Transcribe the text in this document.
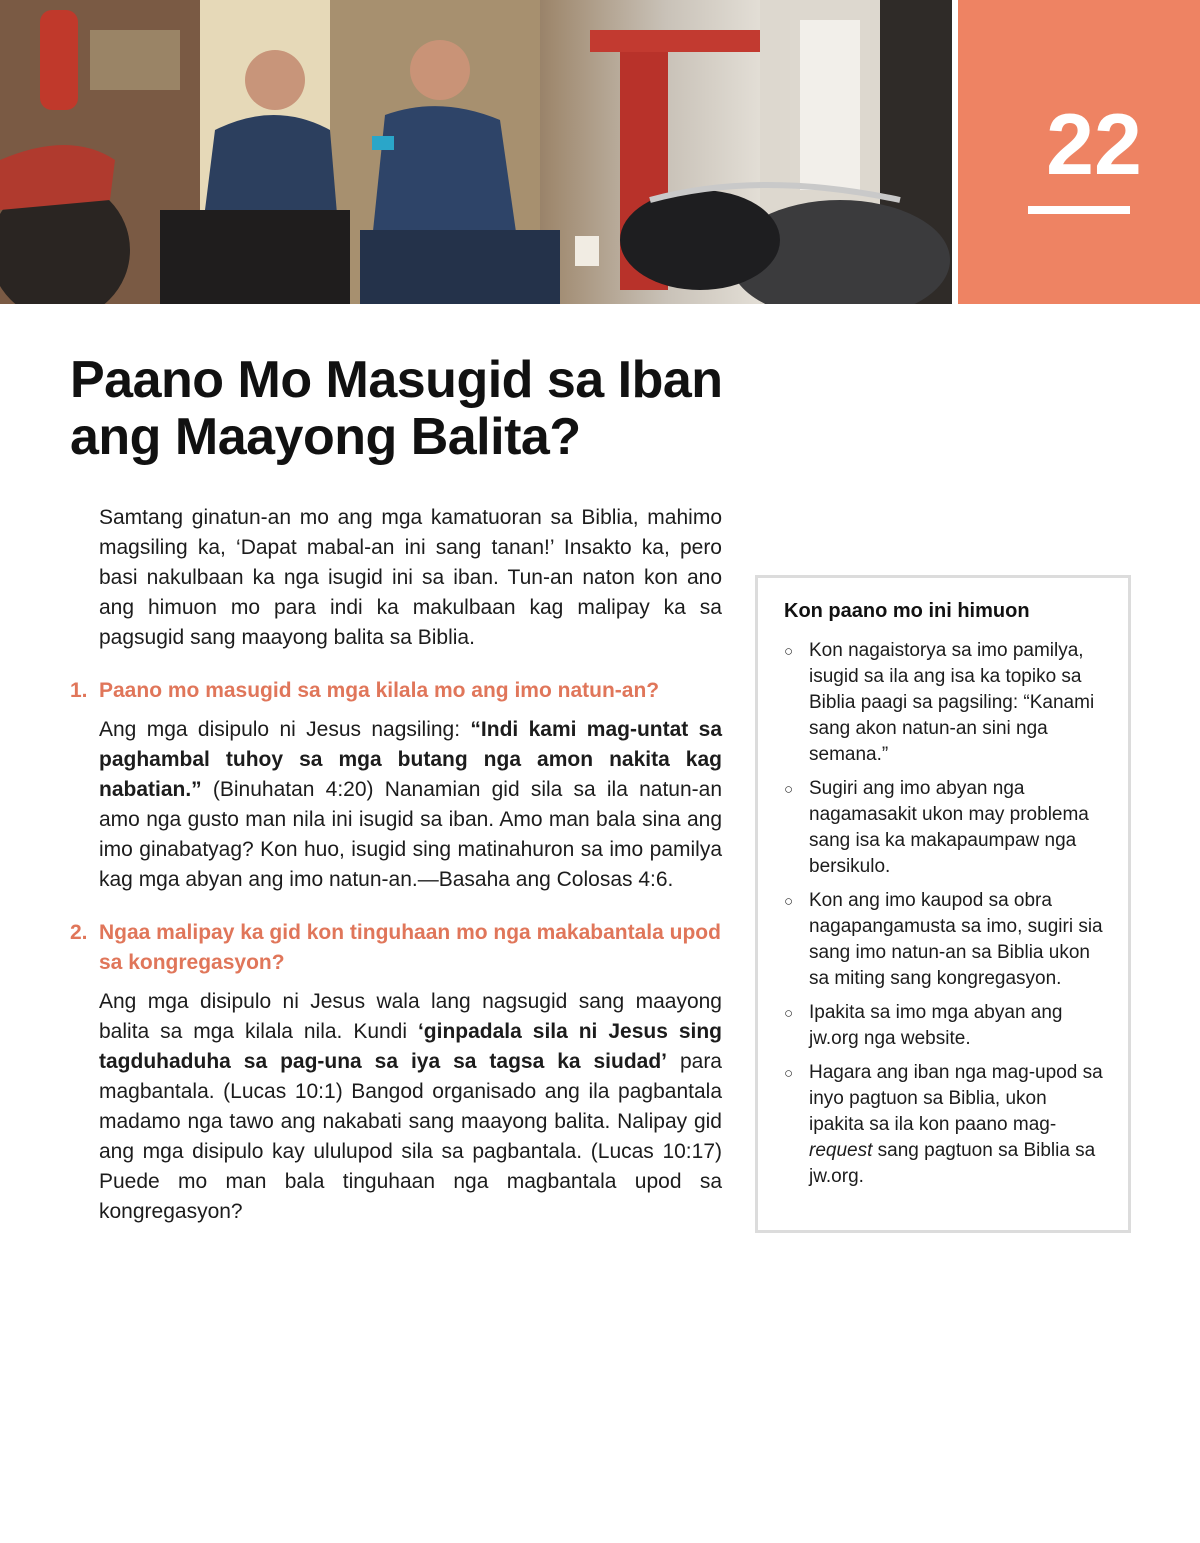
22
Paano Mo Masugid sa Iban
ang Maayong Balita?

Samtang ginatun-an mo ang mga kamatuoran sa Biblia, mahimo magsiling ka, ‘Dapat mabal-an ini sang tanan!’ Insakto ka, pero basi nakulbaan ka nga isugid ini sa iban. Tun-an naton kon ano ang himuon mo para indi ka makulbaan kag malipay ka sa pagsugid sang maayong balita sa Biblia.

1. Paano mo masugid sa mga kilala mo ang imo natun-an?

Ang mga disipulo ni Jesus nagsiling: “Indi kami mag-untat sa paghambal tuhoy sa mga butang nga amon nakita kag nabatian.” (Binuhatan 4:20) Nanamian gid sila sa ila natun-an amo nga gusto man nila ini isugid sa iban. Amo man bala sina ang imo ginabatyag? Kon huo, isugid sing matinahuron sa imo pamilya kag mga abyan ang imo natun-an.—Basaha ang Colosas 4:6.

2. Ngaa malipay ka gid kon tinguhaan mo nga makabantala upod sa kongregasyon?

Ang mga disipulo ni Jesus wala lang nagsugid sang maayong balita sa mga kilala nila. Kundi ‘ginpadala sila ni Jesus sing tagduhaduha sa pag-una sa iya sa tagsa ka siudad’ para magbantala. (Lucas 10:1) Bangod organisado ang ila pagbantala madamo nga tawo ang nakabati sang maayong balita. Nalipay gid ang mga disipulo kay ululupod sila sa pagbantala. (Lucas 10:17) Puede mo man bala tinguhaan nga magbantala upod sa kongregasyon?

Kon paano mo ini himuon
○ Kon nagaistorya sa imo pamilya, isugid sa ila ang isa ka topiko sa Biblia paagi sa pagsiling: “Kanami sang akon natun-an sini nga semana.”
○ Sugiri ang imo abyan nga nagamasakit ukon may problema sang isa ka makapaumpaw nga bersikulo.
○ Kon ang imo kaupod sa obra nagapangamusta sa imo, sugiri sia sang imo natun-an sa Biblia ukon sa miting sang kongregasyon.
○ Ipakita sa imo mga abyan ang jw.org nga website.
○ Hagara ang iban nga mag-upod sa inyo pagtuon sa Biblia, ukon ipakita sa ila kon paano mag-request sang pagtuon sa Biblia sa jw.org.
